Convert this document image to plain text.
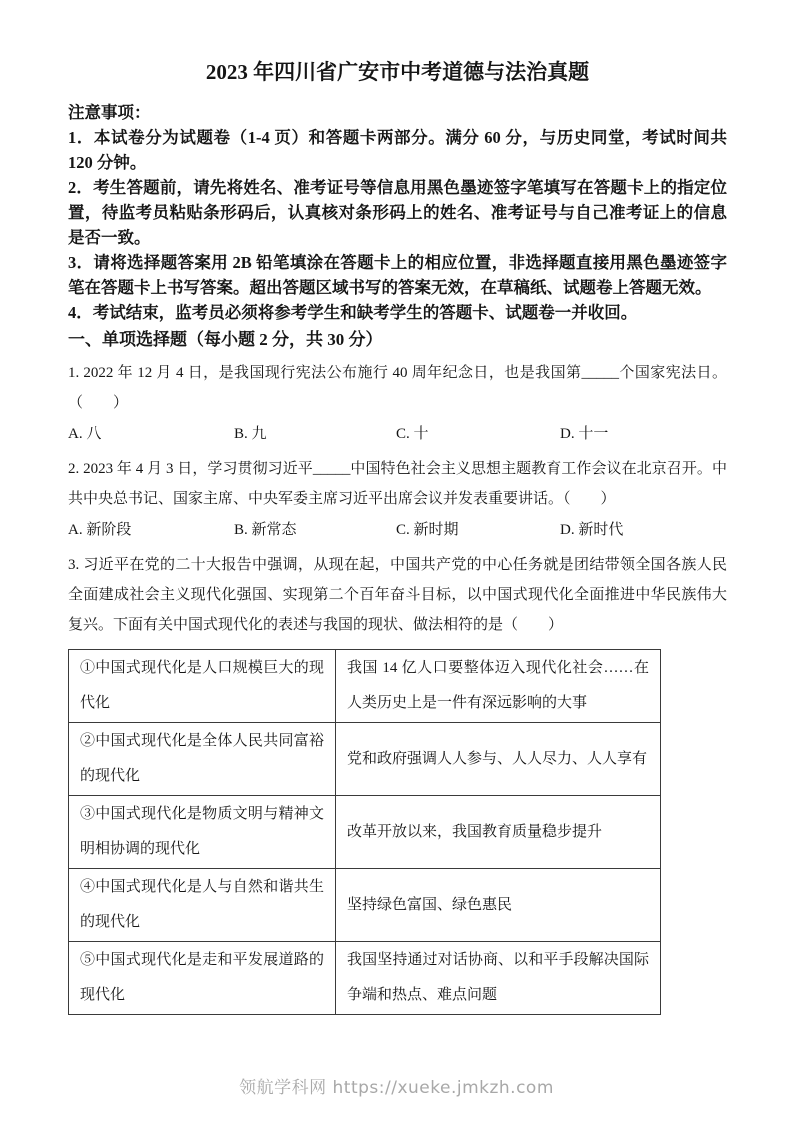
2023 年四川省广安市中考道德与法治真题

注意事项：

1．本试卷分为试题卷（1-4 页）和答题卡两部分。满分 60 分，与历史同堂，考试时间共 120 分钟。

2．考生答题前，请先将姓名、准考证号等信息用黑色墨迹签字笔填写在答题卡上的指定位置，待监考员粘贴条形码后，认真核对条形码上的姓名、准考证号与自己准考证上的信息是否一致。

3．请将选择题答案用 2B 铅笔填涂在答题卡上的相应位置，非选择题直接用黑色墨迹签字笔在答题卡上书写答案。超出答题区域书写的答案无效，在草稿纸、试题卷上答题无效。

4．考试结束，监考员必须将参考学生和缺考学生的答题卡、试题卷一并收回。

一、单项选择题（每小题 2 分，共 30 分）

1. 2022 年 12 月 4 日，是我国现行宪法公布施行 40 周年纪念日，也是我国第_____个国家宪法日。（　　）

A. 八	B. 九	C. 十	D. 十一

2. 2023 年 4 月 3 日，学习贯彻习近平_____中国特色社会主义思想主题教育工作会议在北京召开。中共中央总书记、国家主席、中央军委主席习近平出席会议并发表重要讲话。（　　）

A. 新阶段	B. 新常态	C. 新时期	D. 新时代

3. 习近平在党的二十大报告中强调，从现在起，中国共产党的中心任务就是团结带领全国各族人民全面建成社会主义现代化强国、实现第二个百年奋斗目标，以中国式现代化全面推进中华民族伟大复兴。下面有关中国式现代化的表述与我国的现状、做法相符的是（　　）

①中国式现代化是人口规模巨大的现代化	我国 14 亿人口要整体迈入现代化社会……在人类历史上是一件有深远影响的大事
②中国式现代化是全体人民共同富裕的现代化	党和政府强调人人参与、人人尽力、人人享有
③中国式现代化是物质文明与精神文明相协调的现代化	改革开放以来，我国教育质量稳步提升
④中国式现代化是人与自然和谐共生的现代化	坚持绿色富国、绿色惠民
⑤中国式现代化是走和平发展道路的现代化	我国坚持通过对话协商、以和平手段解决国际争端和热点、难点问题
领航学科网 https://xueke.jmkzh.com
